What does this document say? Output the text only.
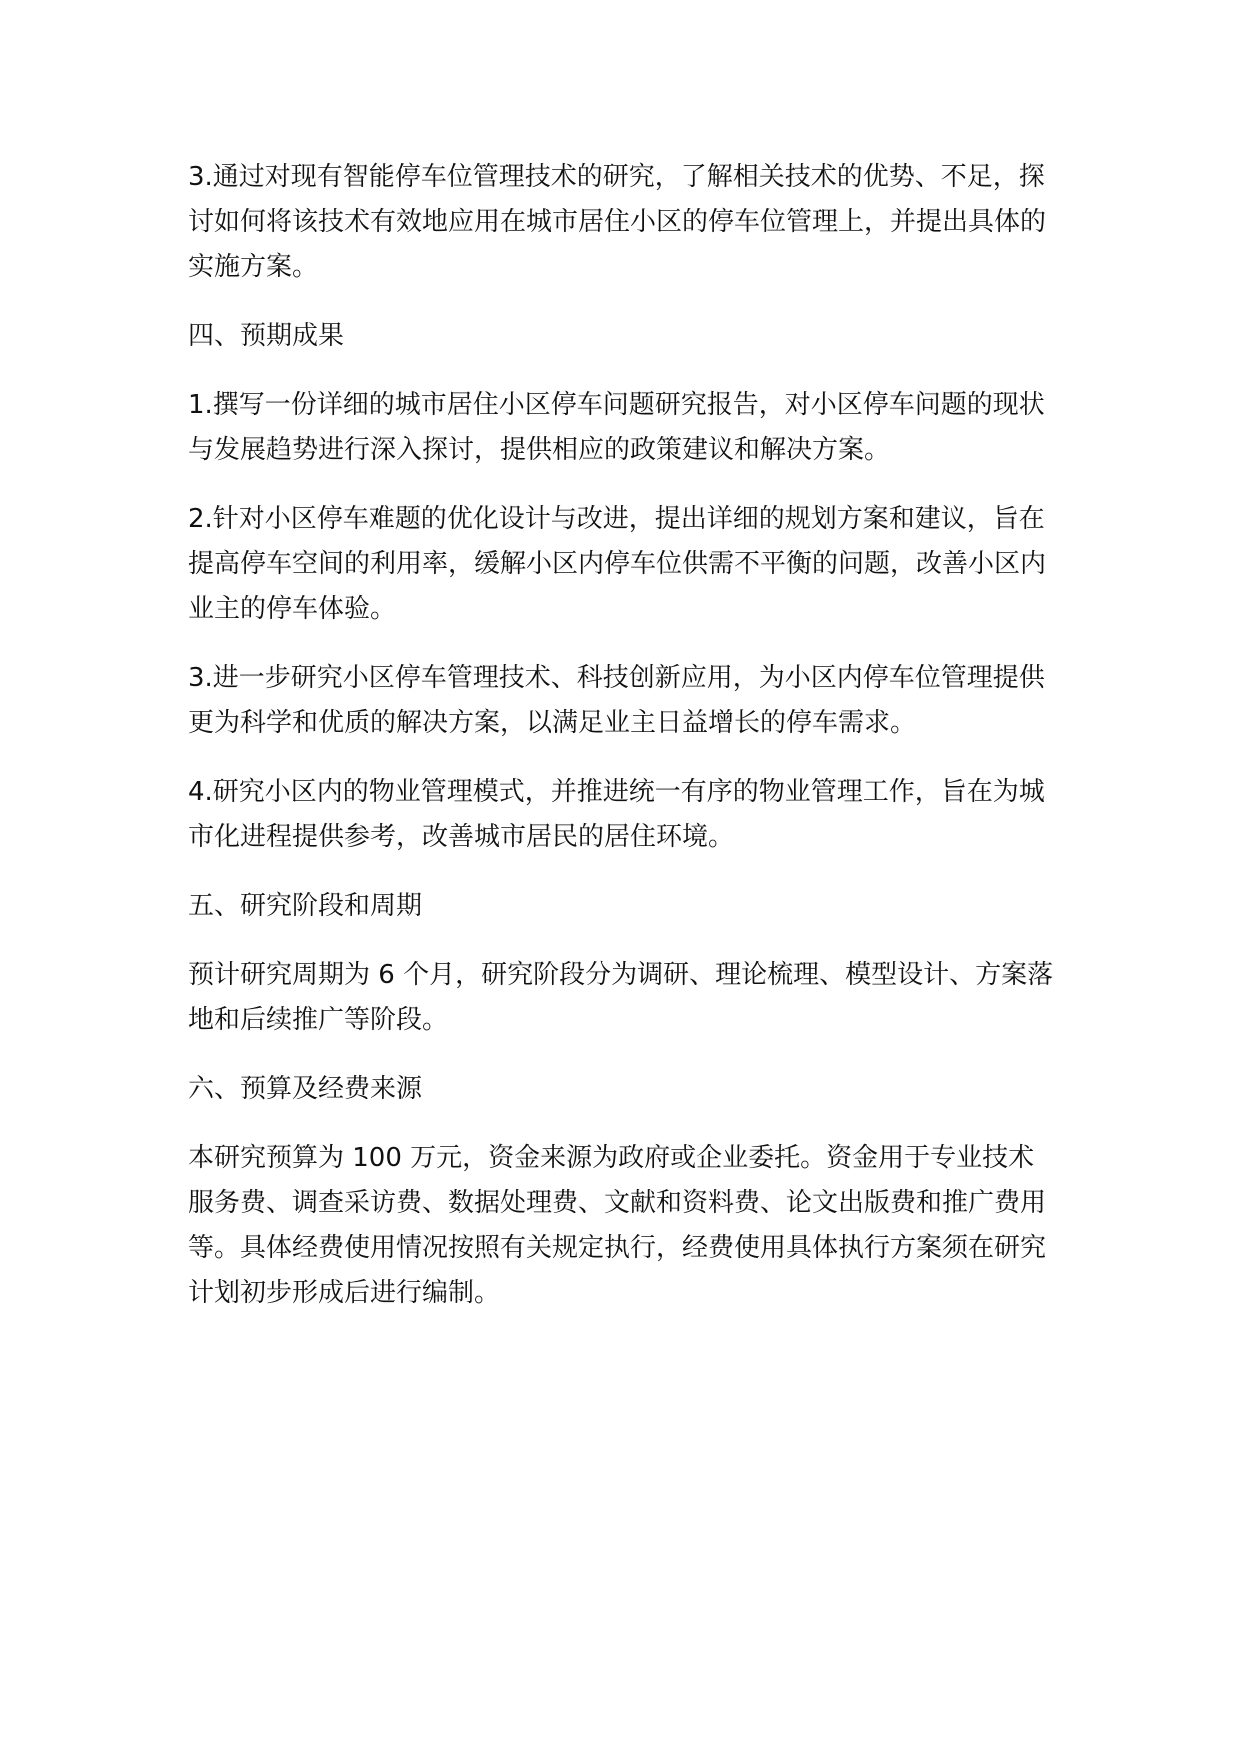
3.通过对现有智能停车位管理技术的研究，了解相关技术的优势、不足，探讨如何将该技术有效地应用在城市居住小区的停车位管理上，并提出具体的实施方案。

四、预期成果

1.撰写一份详细的城市居住小区停车问题研究报告，对小区停车问题的现状与发展趋势进行深入探讨，提供相应的政策建议和解决方案。

2.针对小区停车难题的优化设计与改进，提出详细的规划方案和建议，旨在提高停车空间的利用率，缓解小区内停车位供需不平衡的问题，改善小区内业主的停车体验。

3.进一步研究小区停车管理技术、科技创新应用，为小区内停车位管理提供更为科学和优质的解决方案，以满足业主日益增长的停车需求。

4.研究小区内的物业管理模式，并推进统一有序的物业管理工作，旨在为城市化进程提供参考，改善城市居民的居住环境。

五、研究阶段和周期

预计研究周期为 6 个月，研究阶段分为调研、理论梳理、模型设计、方案落地和后续推广等阶段。

六、预算及经费来源

本研究预算为 100 万元，资金来源为政府或企业委托。资金用于专业技术服务费、调查采访费、数据处理费、文献和资料费、论文出版费和推广费用等。具体经费使用情况按照有关规定执行，经费使用具体执行方案须在研究计划初步形成后进行编制。
